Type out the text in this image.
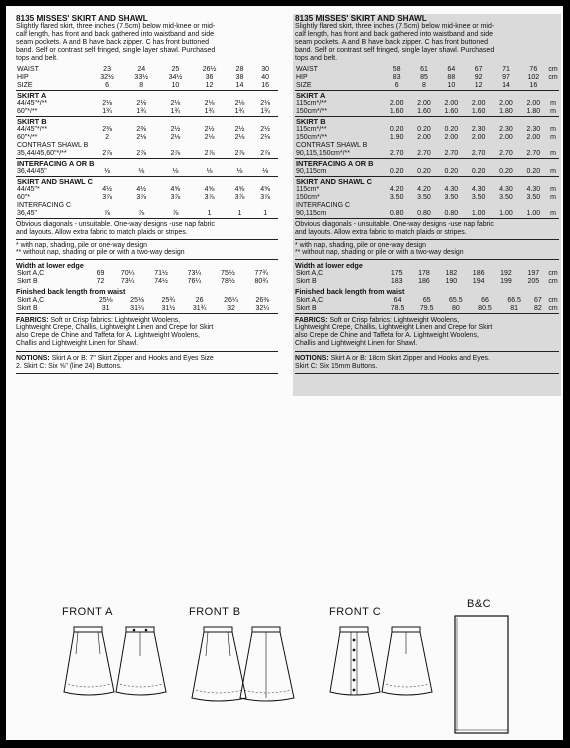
8135 MISSES' SKIRT AND SHAWL
Slightly flared skirt, three inches (7.5cm) below mid-knee or mid-
calf length, has front and back gathered into waistband and side
seam pockets. A and B have back zipper. C has front buttoned
band. Self or contrast self fringed, single layer shawl. Purchased
tops and belt.
WAIST	23	24	25	26½	28	30
HIP	32½	33½	34½	36	38	40
SIZE	6	8	10	12	14	16
SKIRT A						
44/45"*/**	2⅛	2⅛	2⅛	2⅛	2⅛	2⅛
60"*/**	1¾	1¾	1¾	1¾	1¾	1¾
SKIRT B						
44/45"*/**	2⅜	2⅜	2½	2½	2½	2½
60"*/**	2	2⅛	2⅛	2⅛	2⅛	2⅛
CONTRAST SHAWL B						
35,44/45,60"*/**	2⅞	2⅞	2⅞	2⅞	2⅞	2⅞
INTERFACING A OR B						
36,44/45"	⅛	⅛	⅛	⅛	⅛	⅛
SKIRT AND SHAWL C						
44/45"*	4½	4½	4⅝	4⅝	4⅝	4⅝
60"*	3⅞	3⅞	3⅞	3⅞	3⅞	3⅞
INTERFACING C						
36,45"	⅞	⅞	⅞	1	1	1
Obvious diagonals - unsuitable. One-way designs -use nap fabric
and layouts. Allow extra fabric to match plaids or stripes.
* with nap, shading, pile or one-way design
** without nap, shading or pile or with a two-way design
Width at lower edge
Skirt A,C	69	70¼	71½	73¼	75½	77¾
Skirt B	72	73¼	74½	76¼	78½	80¾
Finished back length from waist
Skirt A,C	25⅛	25⅛	25¾	26	26¼	26⅜
Skirt B	31	31¼	31½	31¾	32	32¼
FABRICS: Soft or Crisp fabrics: Lightweight Woolens,
Lightweight Crepe, Challis, Lightweight Linen and Crepe for Skirt
also Crepe de Chine and Taffeta for A. Lightweight Woolens,
Challis and Lightweight Linen for Shawl.
NOTIONS: Skirt A or B: 7" Skirt Zipper and Hooks and Eyes Size
2. Skirt C: Six ⅝" (line 24) Buttons.
8135 MISSES' SKIRT AND SHAWL
Slightly flared skirt, three inches (7.5cm) below mid-knee or mid-
calf length, has front and back gathered into waistband and side
seam pockets. A and B have back zipper. C has front buttoned
band. Self or contrast self fringed, single layer shawl. Purchased
tops and belt.
WAIST	58	61	64	67	71	76	cm
HIP	83	85	88	92	97	102	cm
SIZE	6	8	10	12	14	16	
SKIRT A							
115cm*/**	2.00	2.00	2.00	2.00	2.00	2.00	m
150cm*/**	1.60	1.60	1.60	1.60	1.80	1.80	m
SKIRT B							
115cm*/**	0.20	0.20	0.20	2.30	2.30	2.30	m
150cm*/**	1.90	2.00	2.00	2.00	2.00	2.00	m
CONTRAST SHAWL B							
90,115,150cm*/**	2.70	2.70	2.70	2.70	2.70	2.70	m
INTERFACING A OR B							
90,115cm	0.20	0.20	0.20	0.20	0.20	0.20	m
SKIRT AND SHAWL C							
115cm*	4.20	4.20	4.30	4.30	4.30	4.30	m
150cm*	3.50	3.50	3.50	3.50	3.50	3.50	m
INTERFACING C							
90,115cm	0.80	0.80	0.80	1.00	1.00	1.00	m
Obvious diagonals - unsuitable. One-way designs -use nap fabric
and layouts. Allow extra fabric to match plaids or stripes.
* with nap, shading, pile or one-way design
** without nap, shading or pile or with a two-way design
Width at lower edge
Skirt A,C	175	178	182	186	192	197	cm
Skirt B	183	186	190	194	199	205	cm
Finished back length from waist
Skirt A,C	64	65	65.5	66	66.5	67	cm
Skirt B	78.5	79.5	80	80.5	81	82	cm
FABRICS: Soft or Crisp fabrics: Lightweight Woolens,
Lightweight Crepe, Challis, Lightweight Linen and Crepe for Skirt
also Crepe de Chine and Taffeta for A. Lightweight Woolens,
Challis and Lightweight Linen for Shawl.
NOTIONS: Skirt A or B: 18cm Skirt Zipper and Hooks and Eyes.
Skirt C: Six 15mm Buttons.
FRONT A	FRONT B	FRONT C
B&C
